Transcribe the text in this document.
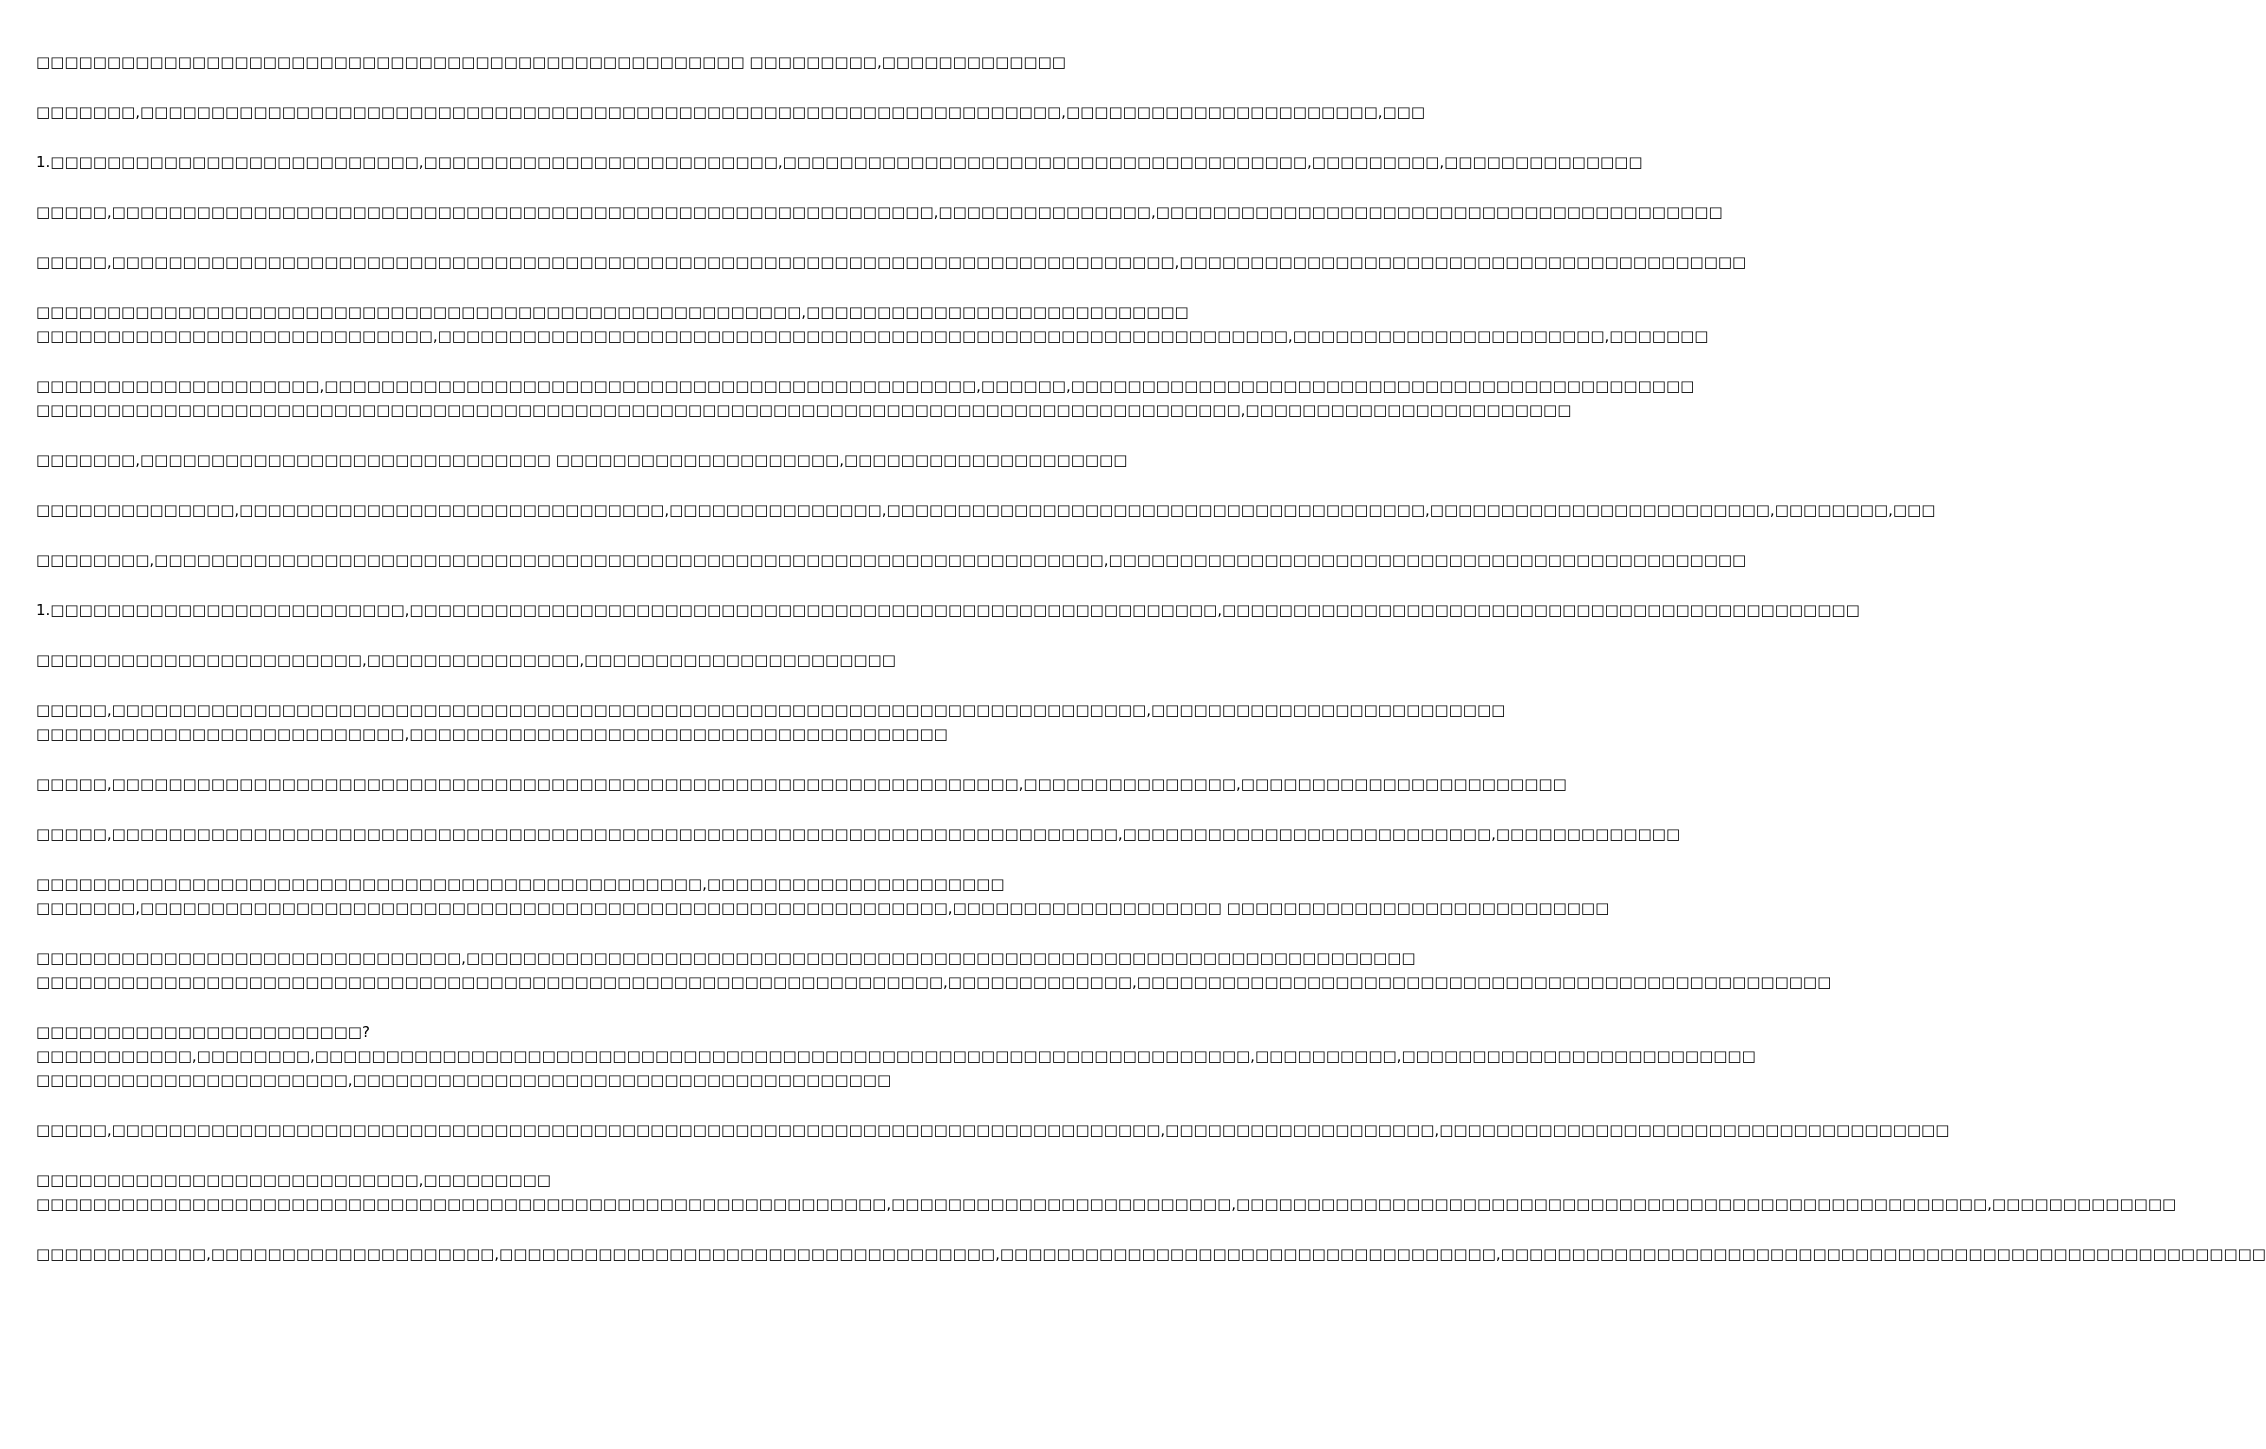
□□□□□□□□□□□□□□□□□□□□□□□□□□□□□□□□□□□□□□□□□□□□□□□□□□ □□□□□□□□□,□□□□□□□□□□□□□
□□□□□□□,□□□□□□□□□□□□□□□□□□□□□□□□□□□□□□□□□□□□□□□□□□□□□□□□□□□□□□□□□□□□□□□□□,□□□□□□□□□□□□□□□□□□□□□□,□□□
1.□□□□□□□□□□□□□□□□□□□□□□□□□□,□□□□□□□□□□□□□□□□□□□□□□□□□,□□□□□□□□□□□□□□□□□□□□□□□□□□□□□□□□□□□□□,□□□□□□□□□,□□□□□□□□□□□□□□
□□□□□,□□□□□□□□□□□□□□□□□□□□□□□□□□□□□□□□□□□□□□□□□□□□□□□□□□□□□□□□□□,□□□□□□□□□□□□□□□,□□□□□□□□□□□□□□□□□□□□□□□□□□□□□□□□□□□□□□□□
□□□□□,□□□□□□□□□□□□□□□□□□□□□□□□□□□□□□□□□□□□□□□□□□□□□□□□□□□□□□□□□□□□□□□□□□□□□□□□□□□,□□□□□□□□□□□□□□□□□□□□□□□□□□□□□□□□□□□□□□□□
□□□□□□□□□□□□□□□□□□□□□□□□□□□□□□□□□□□□□□□□□□□□□□□□□□□□□□,□□□□□□□□□□□□□□□□□□□□□□□□□□□
□□□□□□□□□□□□□□□□□□□□□□□□□□□□,□□□□□□□□□□□□□□□□□□□□□□□□□□□□□□□□□□□□□□□□□□□□□□□□□□□□□□□□□□□□,□□□□□□□□□□□□□□□□□□□□□□,□□□□□□□
□□□□□□□□□□□□□□□□□□□□,□□□□□□□□□□□□□□□□□□□□□□□□□□□□□□□□□□□□□□□□□□□□□□,□□□□□□,□□□□□□□□□□□□□□□□□□□□□□□□□□□□□□□□□□□□□□□□□□□□
□□□□□□□□□□□□□□□□□□□□□□□□□□□□□□□□□□□□□□□□□□□□□□□□□□□□□□□□□□□□□□□□□□□□□□□□□□□□□□□□□□□□□,□□□□□□□□□□□□□□□□□□□□□□□
□□□□□□□,□□□□□□□□□□□□□□□□□□□□□□□□□□□□□ □□□□□□□□□□□□□□□□□□□□,□□□□□□□□□□□□□□□□□□□□
□□□□□□□□□□□□□□,□□□□□□□□□□□□□□□□□□□□□□□□□□□□□□,□□□□□□□□□□□□□□□,□□□□□□□□□□□□□□□□□□□□□□□□□□□□□□□□□□□□□□,□□□□□□□□□□□□□□□□□□□□□□□□,□□□□□□□□,□□□
□□□□□□□□,□□□□□□□□□□□□□□□□□□□□□□□□□□□□□□□□□□□□□□□□□□□□□□□□□□□□□□□□□□□□□□□□□□□,□□□□□□□□□□□□□□□□□□□□□□□□□□□□□□□□□□□□□□□□□□□□□
1.□□□□□□□□□□□□□□□□□□□□□□□□□,□□□□□□□□□□□□□□□□□□□□□□□□□□□□□□□□□□□□□□□□□□□□□□□□□□□□□□□□□,□□□□□□□□□□□□□□□□□□□□□□□□□□□□□□□□□□□□□□□□□□□□□
□□□□□□□□□□□□□□□□□□□□□□□,□□□□□□□□□□□□□□□,□□□□□□□□□□□□□□□□□□□□□□
□□□□□,□□□□□□□□□□□□□□□□□□□□□□□□□□□□□□□□□□□□□□□□□□□□□□□□□□□□□□□□□□□□□□□□□□□□□□□□□,□□□□□□□□□□□□□□□□□□□□□□□□□
□□□□□□□□□□□□□□□□□□□□□□□□□□,□□□□□□□□□□□□□□□□□□□□□□□□□□□□□□□□□□□□□□
□□□□□,□□□□□□□□□□□□□□□□□□□□□□□□□□□□□□□□□□□□□□□□□□□□□□□□□□□□□□□□□□□□□□□□,□□□□□□□□□□□□□□□,□□□□□□□□□□□□□□□□□□□□□□□
□□□□□,□□□□□□□□□□□□□□□□□□□□□□□□□□□□□□□□□□□□□□□□□□□□□□□□□□□□□□□□□□□□□□□□□□□□□□□,□□□□□□□□□□□□□□□□□□□□□□□□□□,□□□□□□□□□□□□□
□□□□□□□□□□□□□□□□□□□□□□□□□□□□□□□□□□□□□□□□□□□□□□□,□□□□□□□□□□□□□□□□□□□□□
□□□□□□□,□□□□□□□□□□□□□□□□□□□□□□□□□□□□□□□□□□□□□□□□□□□□□□□□□□□□□□□□□,□□□□□□□□□□□□□□□□□□□ □□□□□□□□□□□□□□□□□□□□□□□□□□□
□□□□□□□□□□□□□□□□□□□□□□□□□□□□□□,□□□□□□□□□□□□□□□□□□□□□□□□□□□□□□□□□□□□□□□□□□□□□□□□□□□□□□□□□□□□□□□□□□□
□□□□□□□□□□□□□□□□□□□□□□□□□□□□□□□□□□□□□□□□□□□□□□□□□□□□□□□□□□□□□□□□,□□□□□□□□□□□□□,□□□□□□□□□□□□□□□□□□□□□□□□□□□□□□□□□□□□□□□□□□□□□□□□□
□□□□□□□□□□□□□□□□□□□□□□□?
□□□□□□□□□□□,□□□□□□□□,□□□□□□□□□□□□□□□□□□□□□□□□□□□□□□□□□□□□□□□□□□□□□□□□□□□□□□□□□□□□□□□□□□,□□□□□□□□□□,□□□□□□□□□□□□□□□□□□□□□□□□□
□□□□□□□□□□□□□□□□□□□□□□,□□□□□□□□□□□□□□□□□□□□□□□□□□□□□□□□□□□□□□
□□□□□,□□□□□□□□□□□□□□□□□□□□□□□□□□□□□□□□□□□□□□□□□□□□□□□□□□□□□□□□□□□□□□□□□□□□□□□□□□,□□□□□□□□□□□□□□□□□□□,□□□□□□□□□□□□□□□□□□□□□□□□□□□□□□□□□□□□
□□□□□□□□□□□□□□□□□□□□□□□□□□□,□□□□□□□□□
□□□□□□□□□□□□□□□□□□□□□□□□□□□□□□□□□□□□□□□□□□□□□□□□□□□□□□□□□□□□,□□□□□□□□□□□□□□□□□□□□□□□□,□□□□□□□□□□□□□□□□□□□□□□□□□□□□□□□□□□□□□□□□□□□□□□□□□□□□□,□□□□□□□□□□□□□
□□□□□□□□□□□□,□□□□□□□□□□□□□□□□□□□□,□□□□□□□□□□□□□□□□□□□□□□□□□□□□□□□□□□□,□□□□□□□□□□□□□□□□□□□□□□□□□□□□□□□□□□□,□□□□□□□□□□□□□□□□□□□□□□□□□□□□□□□□□□□□□□□□□□□□□□□□□□□□□□
